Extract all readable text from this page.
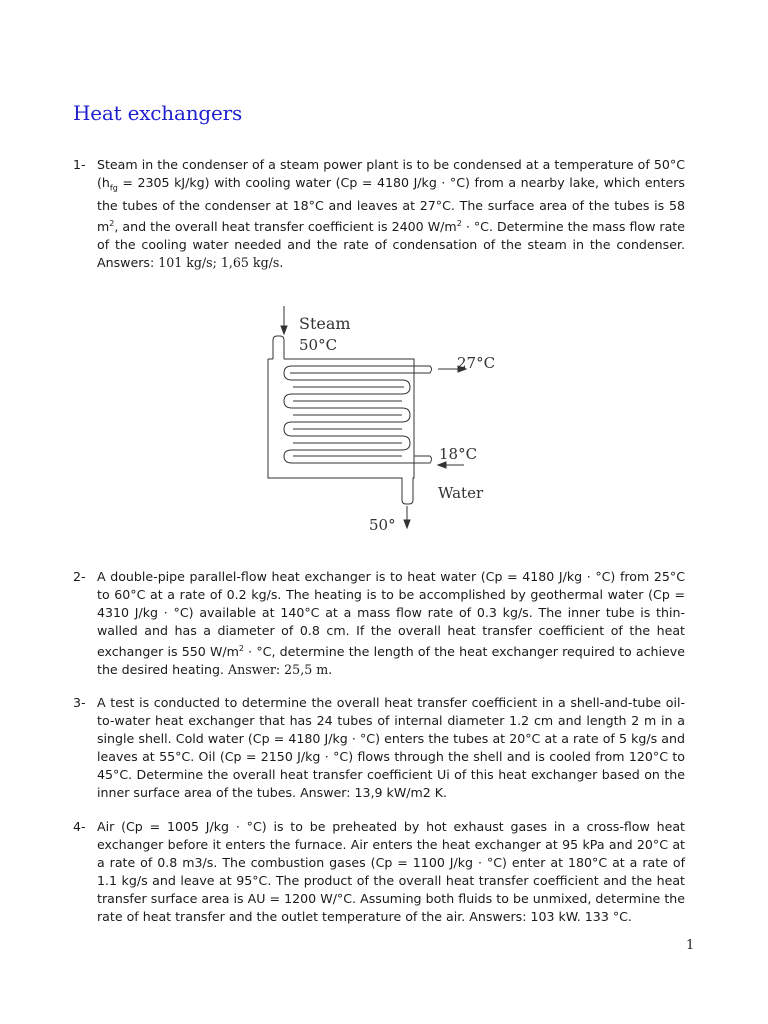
Heat exchangers
1- Steam in the condenser of a steam power plant is to be condensed at a temperature of 50°C ($h_{fg} = 2305$ kJ/kg) with cooling water (Cp = 4180 J/kg · °C) from a nearby lake, which enters the tubes of the condenser at 18°C and leaves at 27°C. The surface area of the tubes is 58 $m^2$, and the overall heat transfer coefficient is 2400 $W/m^2 \cdot ^\circ C$. Determine the mass flow rate of the cooling water needed and the rate of condensation of the steam in the condenser. Answers: 101 kg/s; 1,65 kg/s.
Steam
50°C
27°C
18°C
Water
50°
2- A double-pipe parallel-flow heat exchanger is to heat water (Cp = 4180 J/kg · °C) from 25°C to 60°C at a rate of 0.2 kg/s. The heating is to be accomplished by geothermal water (Cp = 4310 J/kg · °C) available at 140°C at a mass flow rate of 0.3 kg/s. The inner tube is thin-walled and has a diameter of 0.8 cm. If the overall heat transfer coefficient of the heat exchanger is 550 $W/m^2 \cdot ^\circ C$, determine the length of the heat exchanger required to achieve the desired heating. Answer: 25,5 m.
3- A test is conducted to determine the overall heat transfer coefficient in a shell-and-tube oil-to-water heat exchanger that has 24 tubes of internal diameter 1.2 cm and length 2 m in a single shell. Cold water (Cp = 4180 J/kg · °C) enters the tubes at 20°C at a rate of 5 kg/s and leaves at 55°C. Oil (Cp = 2150 J/kg · °C) flows through the shell and is cooled from 120°C to 45°C. Determine the overall heat transfer coefficient Ui of this heat exchanger based on the inner surface area of the tubes. Answer: 13,9 kW/m2 K.
4- Air (Cp = 1005 J/kg · °C) is to be preheated by hot exhaust gases in a cross-flow heat exchanger before it enters the furnace. Air enters the heat exchanger at 95 kPa and 20°C at a rate of 0.8 m3/s. The combustion gases (Cp = 1100 J/kg · °C) enter at 180°C at a rate of 1.1 kg/s and leave at 95°C. The product of the overall heat transfer coefficient and the heat transfer surface area is AU = 1200 W/°C. Assuming both fluids to be unmixed, determine the rate of heat transfer and the outlet temperature of the air. Answers: 103 kW. 133 °C.
1
